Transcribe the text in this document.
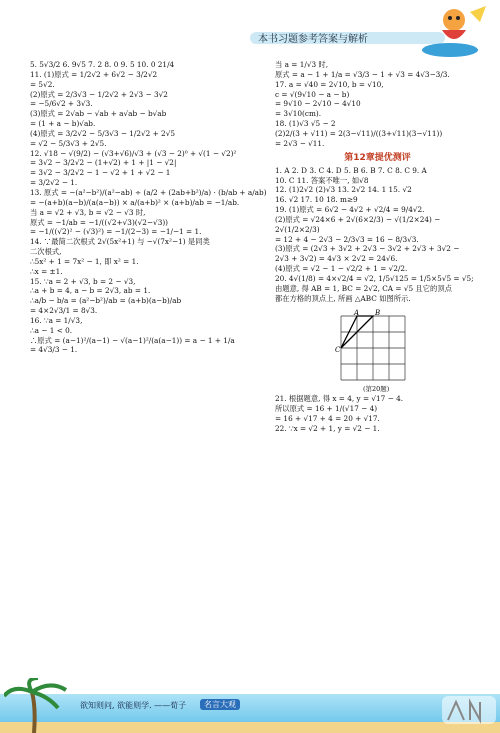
本书习题参考答案与解析

5. 5√3/2 6. 9√5 7. 2 8. 0 9. 5 10. 0 21/4

11. (1)原式 = 1/2√2 + 6√2 − 3/2√2

= 5√2.

(2)原式 = 2/3√3 − 1/2√2 + 2√3 − 3√2

= −5/6√2 + 3√3.

(3)原式 = 2√ab − √ab + a√ab − b√ab

= (1 + a − b)√ab.

(4)原式 = 3/2√2 − 5/3√3 − 1/2√2 + 2√5

= √2 − 5/3√3 + 2√5.

12. √18 − √(9/2) − (√3+√6)/√3 + (√3 − 2)⁰ + √(1 − √2)²

= 3√2 − 3/2√2 − (1+√2) + 1 + |1 − √2|

= 3√2 − 3/2√2 − 1 − √2 + 1 + √2 − 1

= 3/2√2 − 1.

13. 原式 = −(a²−b²)/(a²−ab) ÷ (a/2 + (2ab+b²)/a) · (b/ab + a/ab)

= −(a+b)(a−b)/(a(a−b)) × a/(a+b)² × (a+b)/ab = −1/ab.

当 a = √2 + √3, b = √2 − √3 时,

原式 = −1/ab = −1/((√2+√3)(√2−√3))

= −1/((√2)² − (√3)²) = −1/(2−3) = −1/−1 = 1.

14. ∵最简二次根式 2√(5x²+1) 与 −√(7x²−1) 是同类

二次根式,

∴5x² + 1 = 7x² − 1, 即 x² = 1.

∴x = ±1.

15. ∵a = 2 + √3, b = 2 − √3,

∴a + b = 4, a − b = 2√3, ab = 1.

∴a/b − b/a = (a²−b²)/ab = (a+b)(a−b)/ab

= 4×2√3/1 = 8√3.

16. ∵a = 1/√3,

∴a − 1 < 0.

∴原式 = (a−1)²/(a−1) − √(a−1)²/(a(a−1)) = a − 1 + 1/a

= 4√3/3 − 1.

当 a = 1/√3 时,

原式 = a − 1 + 1/a = √3/3 − 1 + √3 = 4√3−3/3.

17. a = √40 = 2√10, b = √10,

c = √(9√10 − a − b)

= 9√10 − 2√10 − 4√10

= 3√10(cm).

18. (1)√3 √5 − 2

(2)2/(3 + √11) = 2(3−√11)/((3+√11)(3−√11))

= 2√3 − √11.

第12章提优测评

1. A 2. D 3. C 4. D 5. B 6. B 7. C 8. C 9. A

10. C 11. 答案不唯一, 如√8

12. (1)2√2 (2)√3 13. 2√2 14. 1 15. √2

16. √2 17. 10 18. m≥9

19. (1)原式 = 6√2 − 4√2 + √2/4 = 9/4√2.

(2)原式 = √24×6 + 2√(6×2/3) − √(1/2×24) −

2√(1/2×2/3)

= 12 + 4 − 2√3 − 2/3√3 = 16 − 8/3√3.

(3)原式 = (2√3 + 3√2 + 2√3 − 3√2 + 2√3 + 3√2 −

2√3 + 3√2) = 4√3 × 2√2 = 24√6.

(4)原式 = √2 − 1 − √2/2 + 1 = √2/2.

20. 4√(1/8) = 4×√2/4 = √2, 1/5√125 = 1/5×5√5 = √5;

由题意, 得 AB = 1, BC = 2√2, CA = √5 且它的顶点

都在方格的顶点上, 所画 △ABC 如图所示.

A B
C

(第20题)

21. 根据题意, 得 x = 4, y = √17 − 4.

所以原式 = 16 + 1/(√17 − 4)

= 16 + √17 + 4 = 20 + √17.

22. ∵x = √2 + 1, y = √2 − 1.

欲知则问, 欲能则学. ——荀子	名言大观
